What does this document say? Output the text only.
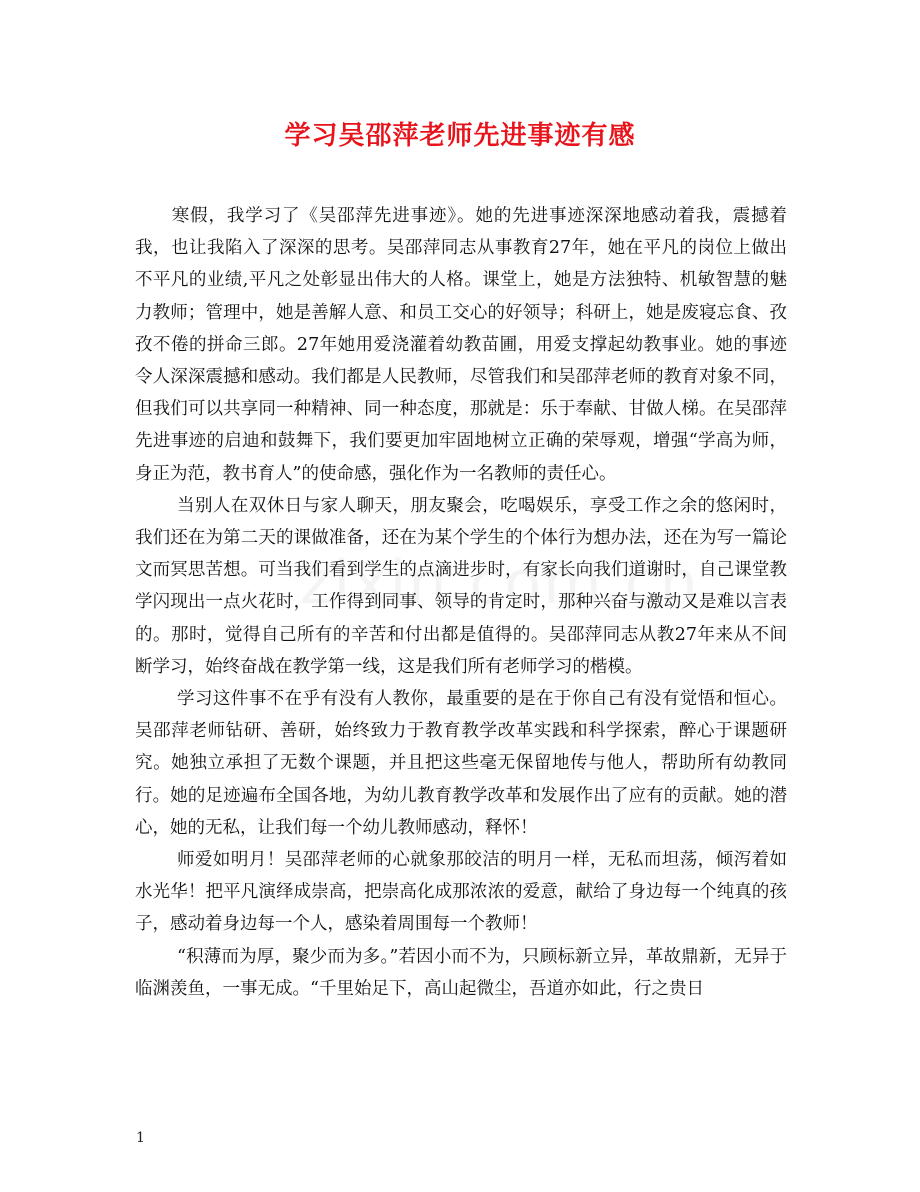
学习吴邵萍老师先进事迹有感

寒假，我学习了《吴邵萍先进事迹》。她的先进事迹深深地感动着我，震撼着我，也让我陷入了深深的思考。吴邵萍同志从事教育27年，她在平凡的岗位上做出不平凡的业绩,平凡之处彰显出伟大的人格。课堂上，她是方法独特、机敏智慧的魅力教师；管理中，她是善解人意、和员工交心的好领导；科研上，她是废寝忘食、孜孜不倦的拼命三郎。27年她用爱浇灌着幼教苗圃，用爱支撑起幼教事业。她的事迹令人深深震撼和感动。我们都是人民教师，尽管我们和吴邵萍老师的教育对象不同，但我们可以共享同一种精神、同一种态度，那就是：乐于奉献、甘做人梯。在吴邵萍先进事迹的启迪和鼓舞下，我们要更加牢固地树立正确的荣辱观，增强“学高为师，身正为范，教书育人”的使命感，强化作为一名教师的责任心。

当别人在双休日与家人聊天，朋友聚会，吃喝娱乐，享受工作之余的悠闲时，我们还在为第二天的课做准备，还在为某个学生的个体行为想办法，还在为写一篇论文而冥思苦想。可当我们看到学生的点滴进步时，有家长向我们道谢时，自己课堂教学闪现出一点火花时，工作得到同事、领导的肯定时，那种兴奋与激动又是难以言表的。那时，觉得自己所有的辛苦和付出都是值得的。吴邵萍同志从教27年来从不间断学习，始终奋战在教学第一线，这是我们所有老师学习的楷模。

学习这件事不在乎有没有人教你，最重要的是在于你自己有没有觉悟和恒心。吴邵萍老师钻研、善研，始终致力于教育教学改革实践和科学探索，醉心于课题研究。她独立承担了无数个课题，并且把这些毫无保留地传与他人，帮助所有幼教同行。她的足迹遍布全国各地，为幼儿教育教学改革和发展作出了应有的贡献。她的潜心，她的无私，让我们每一个幼儿教师感动，释怀！

师爱如明月！吴邵萍老师的心就象那皎洁的明月一样，无私而坦荡，倾泻着如水光华！把平凡演绎成崇高，把崇高化成那浓浓的爱意，献给了身边每一个纯真的孩子，感动着身边每一个人，感染着周围每一个教师！

“积薄而为厚，聚少而为多。”若因小而不为，只顾标新立异，革故鼎新，无异于临渊羡鱼，一事无成。“千里始足下，高山起微尘，吾道亦如此，行之贵日

1
